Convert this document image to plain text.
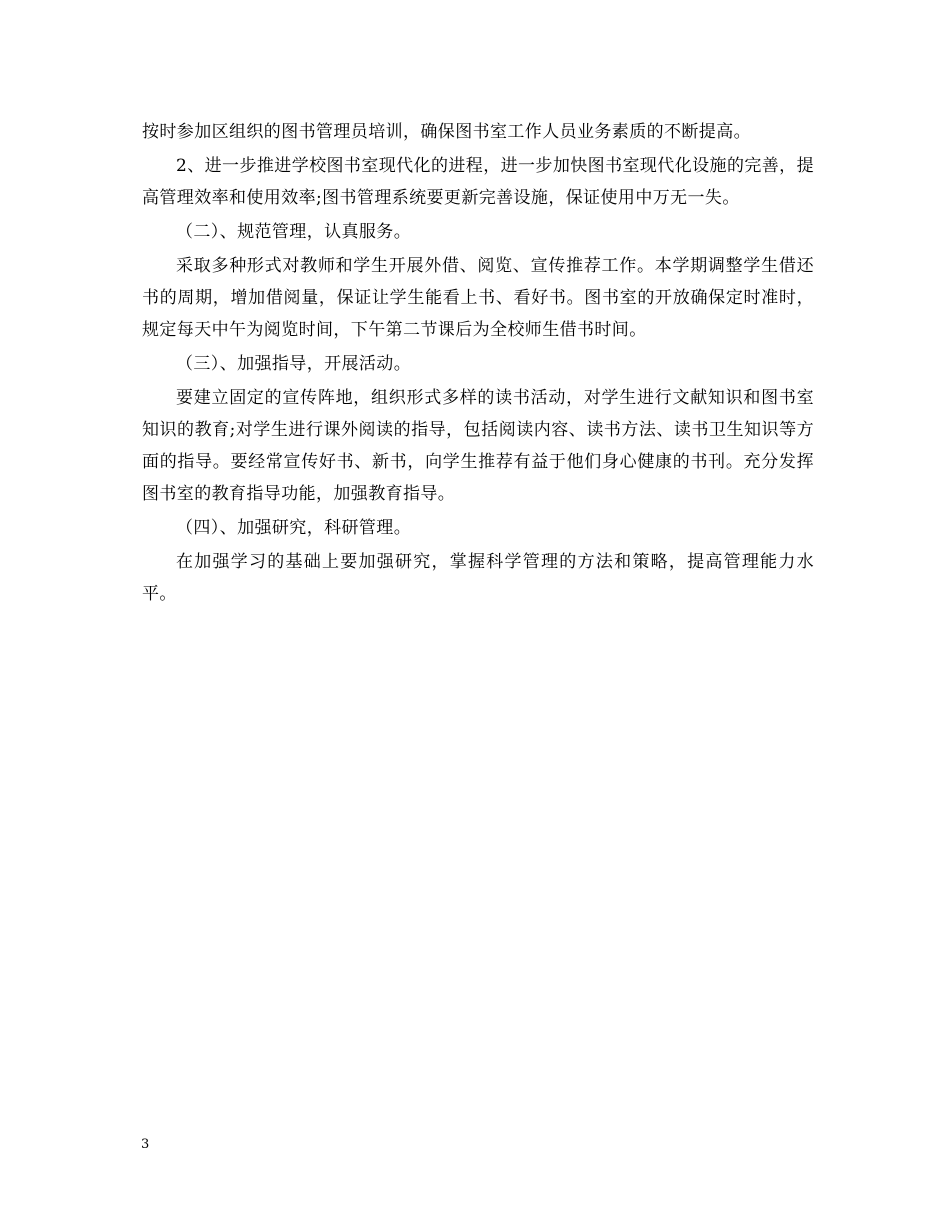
按时参加区组织的图书管理员培训，确保图书室工作人员业务素质的不断提高。

2、进一步推进学校图书室现代化的进程，进一步加快图书室现代化设施的完善，提高管理效率和使用效率;图书管理系统要更新完善设施，保证使用中万无一失。

（二）、规范管理，认真服务。

采取多种形式对教师和学生开展外借、阅览、宣传推荐工作。本学期调整学生借还书的周期，增加借阅量，保证让学生能看上书、看好书。图书室的开放确保定时准时，规定每天中午为阅览时间，下午第二节课后为全校师生借书时间。

（三）、加强指导，开展活动。

要建立固定的宣传阵地，组织形式多样的读书活动，对学生进行文献知识和图书室知识的教育;对学生进行课外阅读的指导，包括阅读内容、读书方法、读书卫生知识等方面的指导。要经常宣传好书、新书，向学生推荐有益于他们身心健康的书刊。充分发挥图书室的教育指导功能，加强教育指导。

（四）、加强研究，科研管理。

在加强学习的基础上要加强研究，掌握科学管理的方法和策略，提高管理能力水平。

3
